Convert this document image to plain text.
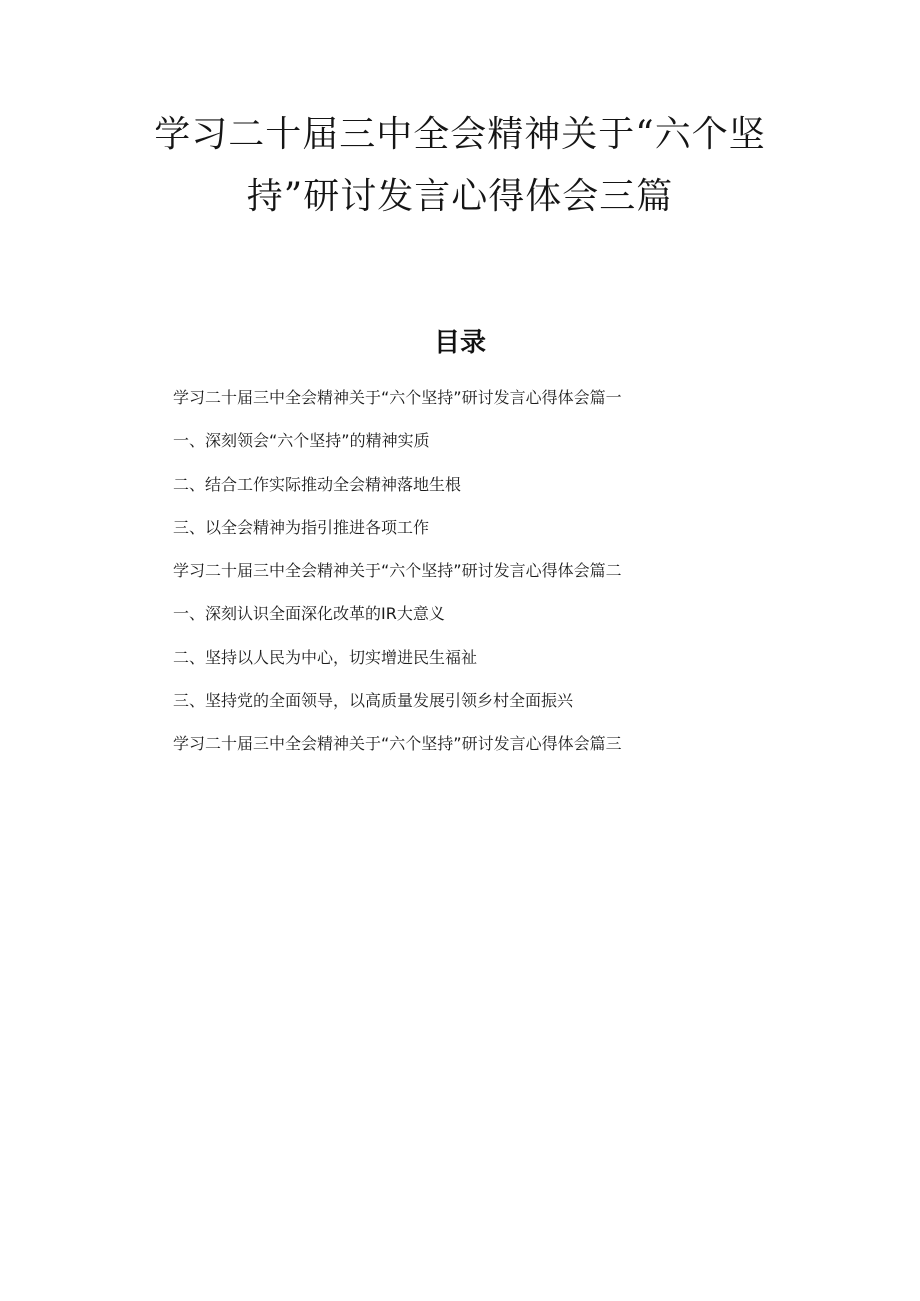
学习二十届三中全会精神关于“六个坚
持”研讨发言心得体会三篇
目录
学习二十届三中全会精神关于“六个坚持”研讨发言心得体会篇一
一、深刻领会“六个坚持”的精神实质
二、结合工作实际推动全会精神落地生根
三、以全会精神为指引推进各项工作
学习二十届三中全会精神关于“六个坚持”研讨发言心得体会篇二
一、深刻认识全面深化改革的IR大意义
二、坚持以人民为中心，切实增进民生福祉
三、坚持党的全面领导，以高质量发展引领乡村全面振兴
学习二十届三中全会精神关于“六个坚持”研讨发言心得体会篇三
